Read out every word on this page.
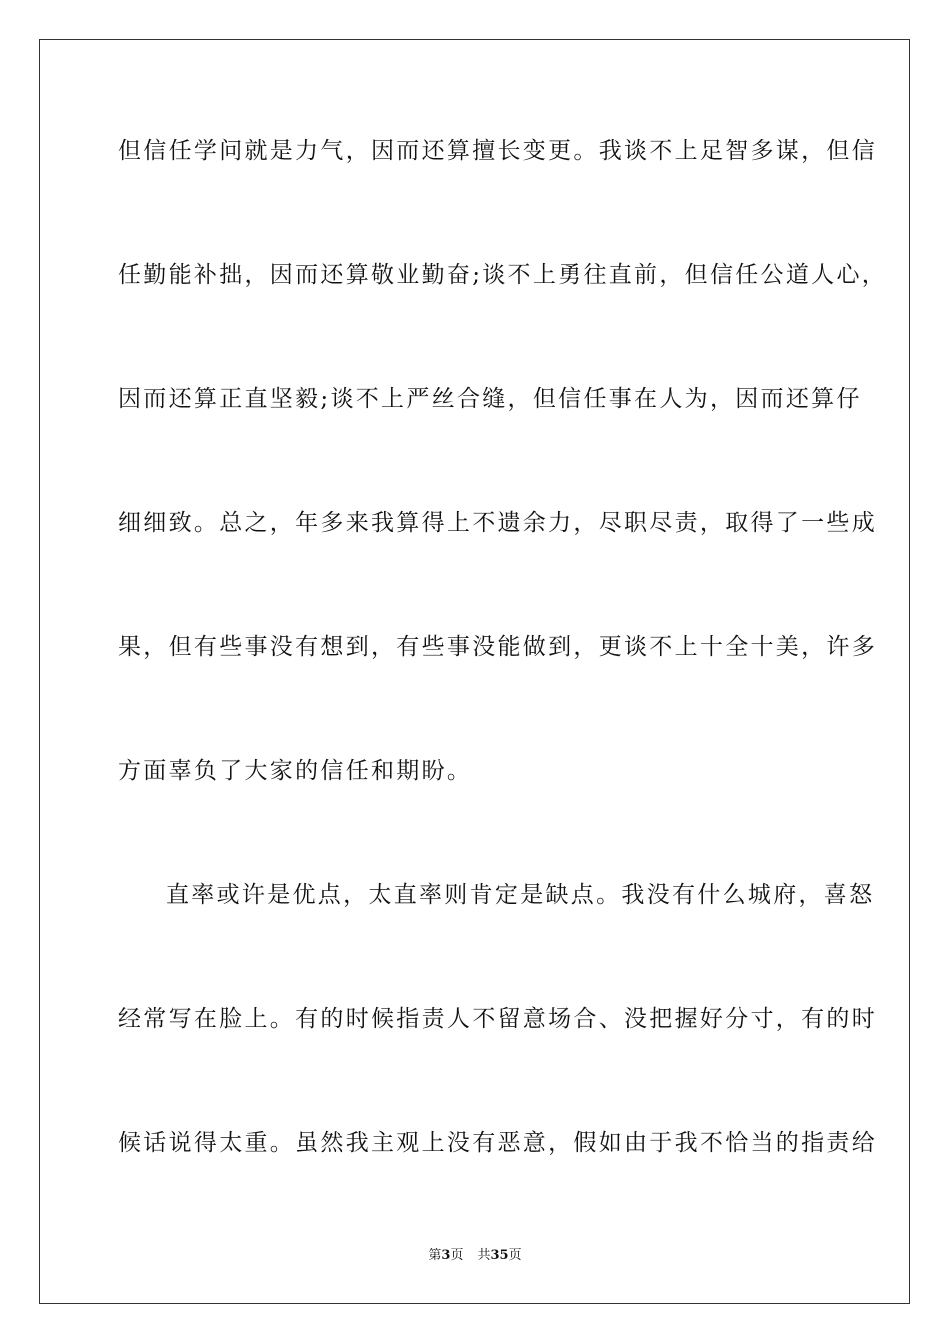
但信任学问就是力气，因而还算擅长变更。我谈不上足智多谋，但信
任勤能补拙，因而还算敬业勤奋;谈不上勇往直前，但信任公道人心，
因而还算正直坚毅;谈不上严丝合缝，但信任事在人为，因而还算仔
细细致。总之，年多来我算得上不遗余力，尽职尽责，取得了一些成
果，但有些事没有想到，有些事没能做到，更谈不上十全十美，许多
方面辜负了大家的信任和期盼。
直率或许是优点，太直率则肯定是缺点。我没有什么城府，喜怒
经常写在脸上。有的时候指责人不留意场合、没把握好分寸，有的时
候话说得太重。虽然我主观上没有恶意，假如由于我不恰当的指责给
第3页 共35页
